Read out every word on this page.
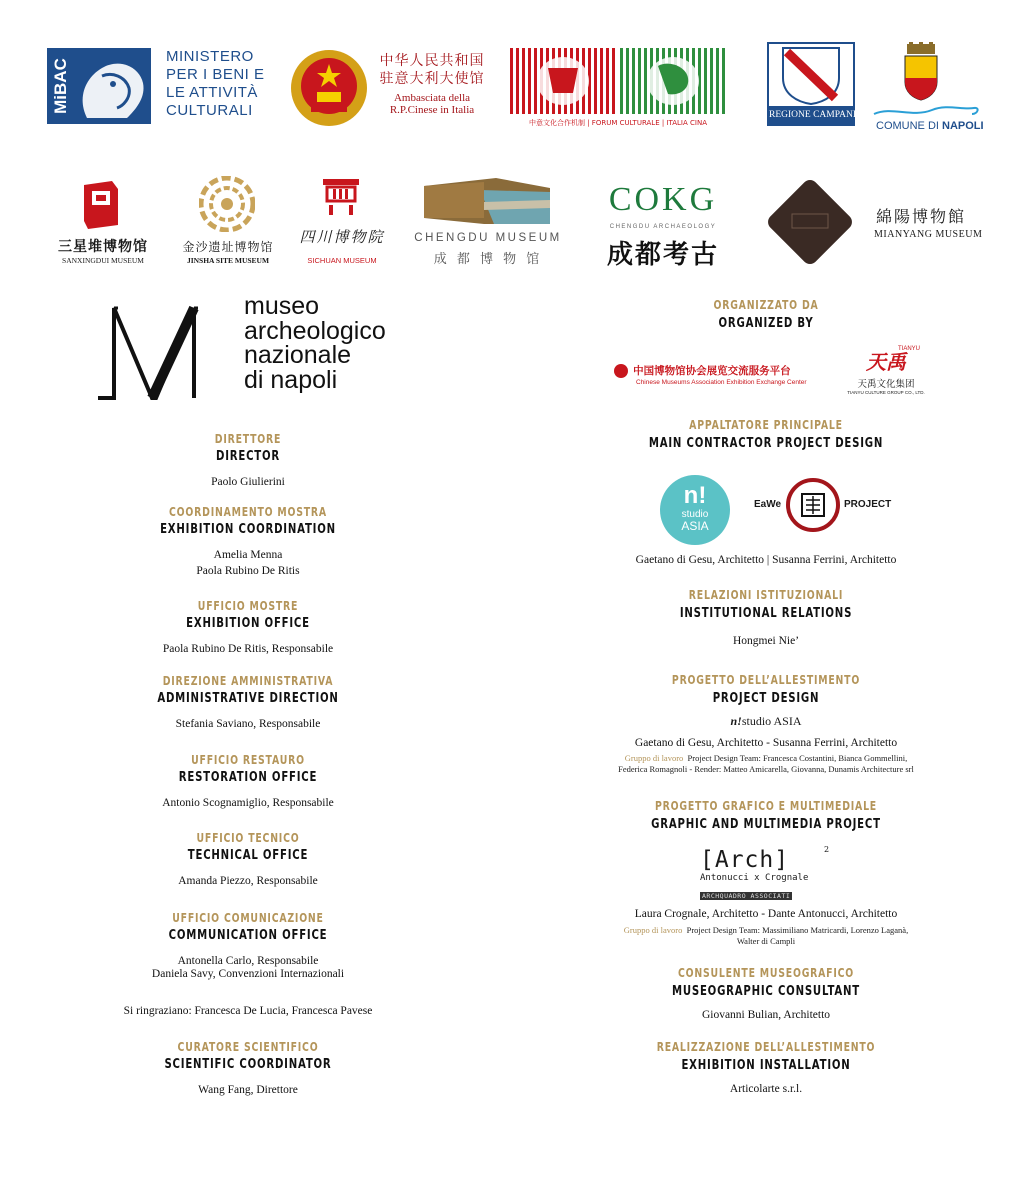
MiBAC
MINISTERO
PER I BENI E
LE ATTIVITÀ
CULTURALI
中华人民共和国
驻意大利大使馆
Ambasciata della
R.P.Cinese in Italia
中意文化合作机制 | FORUM CULTURALE | ITALIA CINA
REGIONE CAMPANIA
COMUNE DI NAPOLI
三星堆博物馆
SANXINGDUI MUSEUM
金沙遗址博物馆
JINSHA SITE MUSEUM
四川博物院
SICHUAN MUSEUM
CHENGDU MUSEUM
成 都 博 物 馆
COKG
CHENGDU ARCHAEOLOGY
成都考古
綿陽博物館
MIANYANG MUSEUM
museo
archeologico
nazionale
di napoli
DIRETTORE
DIRECTOR
Paolo Giulierini
COORDINAMENTO MOSTRA
EXHIBITION COORDINATION
Amelia Menna
Paola Rubino De Ritis
UFFICIO MOSTRE
EXHIBITION OFFICE
Paola Rubino De Ritis, Responsabile
DIREZIONE AMMINISTRATIVA
ADMINISTRATIVE DIRECTION
Stefania Saviano, Responsabile
UFFICIO RESTAURO
RESTORATION OFFICE
Antonio Scognamiglio, Responsabile
UFFICIO TECNICO
TECHNICAL OFFICE
Amanda Piezzo, Responsabile
UFFICIO COMUNICAZIONE
COMMUNICATION OFFICE
Antonella Carlo, Responsabile
Daniela Savy, Convenzioni Internazionali
Si ringraziano: Francesca De Lucia, Francesca Pavese
CURATORE SCIENTIFICO
SCIENTIFIC COORDINATOR
Wang Fang, Direttore
ORGANIZZATO DA
ORGANIZED BY
中国博物馆协会展览交流服务平台
Chinese Museums Association Exhibition Exchange Center
天禹
TIANYU
天禹文化集团
TIANYU CULTURE GROUP CO., LTD.
APPALTATORE PRINCIPALE
MAIN CONTRACTOR PROJECT DESIGN
n!
studio
ASIA
EaWe	PROJECT
Gaetano di Gesu, Architetto | Susanna Ferrini, Architetto
RELAZIONI ISTITUZIONALI
INSTITUTIONAL RELATIONS
Hongmei Nie’
PROGETTO DELL’ALLESTIMENTO
PROJECT DESIGN
n!studio ASIA
Gaetano di Gesu, Architetto - Susanna Ferrini, Architetto
Gruppo di lavoro Project Design Team: Francesca Costantini, Bianca Gommellini,
Federica Romagnoli - Render: Matteo Amicarella, Giovanna, Dunamis Architecture srl
PROGETTO GRAFICO E MULTIMEDIALE
GRAPHIC AND MULTIMEDIA PROJECT
[Arch]	2
Antonucci x Crognale
ARCHQUADRO ASSOCIATI
Laura Crognale, Architetto - Dante Antonucci, Architetto
Gruppo di lavoro Project Design Team: Massimiliano Matricardi, Lorenzo Laganà,
Walter di Campli
CONSULENTE MUSEOGRAFICO
MUSEOGRAPHIC CONSULTANT
Giovanni Bulian, Architetto
REALIZZAZIONE DELL’ALLESTIMENTO
EXHIBITION INSTALLATION
Articolarte s.r.l.
